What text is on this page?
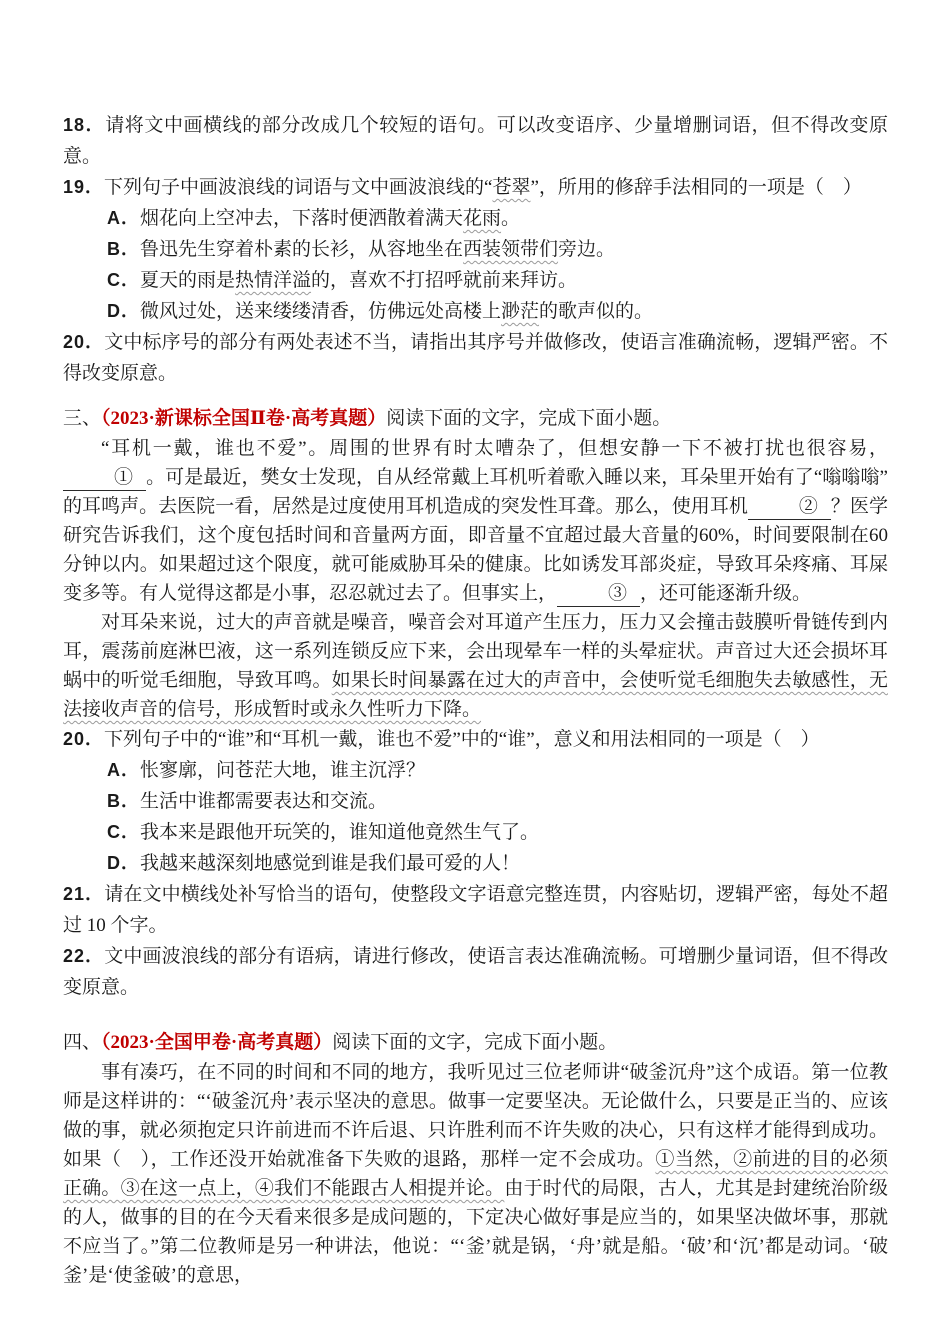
18．请将文中画横线的部分改成几个较短的语句。可以改变语序、少量增删词语，但不得改变原意。

19．下列句子中画波浪线的词语与文中画波浪线的“苍翠”，所用的修辞手法相同的一项是（　）

A．烟花向上空冲去，下落时便洒散着满天花雨。

B．鲁迅先生穿着朴素的长衫，从容地坐在西装领带们旁边。

C．夏天的雨是热情洋溢的，喜欢不打招呼就前来拜访。

D．微风过处，送来缕缕清香，仿佛远处高楼上渺茫的歌声似的。

20．文中标序号的部分有两处表述不当，请指出其序号并做修改，使语言准确流畅，逻辑严密。不得改变原意。

三、（2023·新课标全国Ⅱ卷·高考真题）阅读下面的文字，完成下面小题。

“耳机一戴，谁也不爱”。周围的世界有时太嘈杂了，但想安静一下不被打扰也很容易，① 。可是最近，樊女士发现，自从经常戴上耳机听着歌入睡以来，耳朵里开始有了“嗡嗡嗡”的耳鸣声。去医院一看，居然是过度使用耳机造成的突发性耳聋。那么，使用耳机	② ？医学研究告诉我们，这个度包括时间和音量两方面，即音量不宜超过最大音量的60%，时间要限制在60分钟以内。如果超过这个限度，就可能威胁耳朵的健康。比如诱发耳部炎症，导致耳朵疼痛、耳屎变多等。有人觉得这都是小事，忍忍就过去了。但事实上，	③ ，还可能逐渐升级。

对耳朵来说，过大的声音就是噪音，噪音会对耳道产生压力，压力又会撞击鼓膜听骨链传到内耳，震荡前庭淋巴液，这一系列连锁反应下来，会出现晕车一样的头晕症状。声音过大还会损坏耳蜗中的听觉毛细胞，导致耳鸣。如果长时间暴露在过大的声音中，会使听觉毛细胞失去敏感性，无法接收声音的信号，形成暂时或永久性听力下降。

20．下列句子中的“谁”和“耳机一戴，谁也不爱”中的“谁”，意义和用法相同的一项是（　）

A．怅寥廓，问苍茫大地，谁主沉浮？

B．生活中谁都需要表达和交流。

C．我本来是跟他开玩笑的，谁知道他竟然生气了。

D．我越来越深刻地感觉到谁是我们最可爱的人！

21．请在文中横线处补写恰当的语句，使整段文字语意完整连贯，内容贴切，逻辑严密，每处不超过 10 个字。

22．文中画波浪线的部分有语病，请进行修改，使语言表达准确流畅。可增删少量词语，但不得改变原意。

四、（2023·全国甲卷·高考真题）阅读下面的文字，完成下面小题。

事有凑巧，在不同的时间和不同的地方，我听见过三位老师讲“破釜沉舟”这个成语。第一位教师是这样讲的：“‘破釜沉舟’表示坚决的意思。做事一定要坚决。无论做什么，只要是正当的、应该做的事，就必须抱定只许前进而不许后退、只许胜利而不许失败的决心，只有这样才能得到成功。如果（　），工作还没开始就准备下失败的退路，那样一定不会成功。①当然，②前进的目的必须正确。③在这一点上，④我们不能跟古人相提并论。由于时代的局限，古人，尤其是封建统治阶级的人，做事的目的在今天看来很多是成问题的，下定决心做好事是应当的，如果坚决做坏事，那就不应当了。”第二位教师是另一种讲法，他说：“‘釜’就是锅，‘舟’就是船。‘破’和‘沉’都是动词。‘破釜’是‘使釜破’的意思，
